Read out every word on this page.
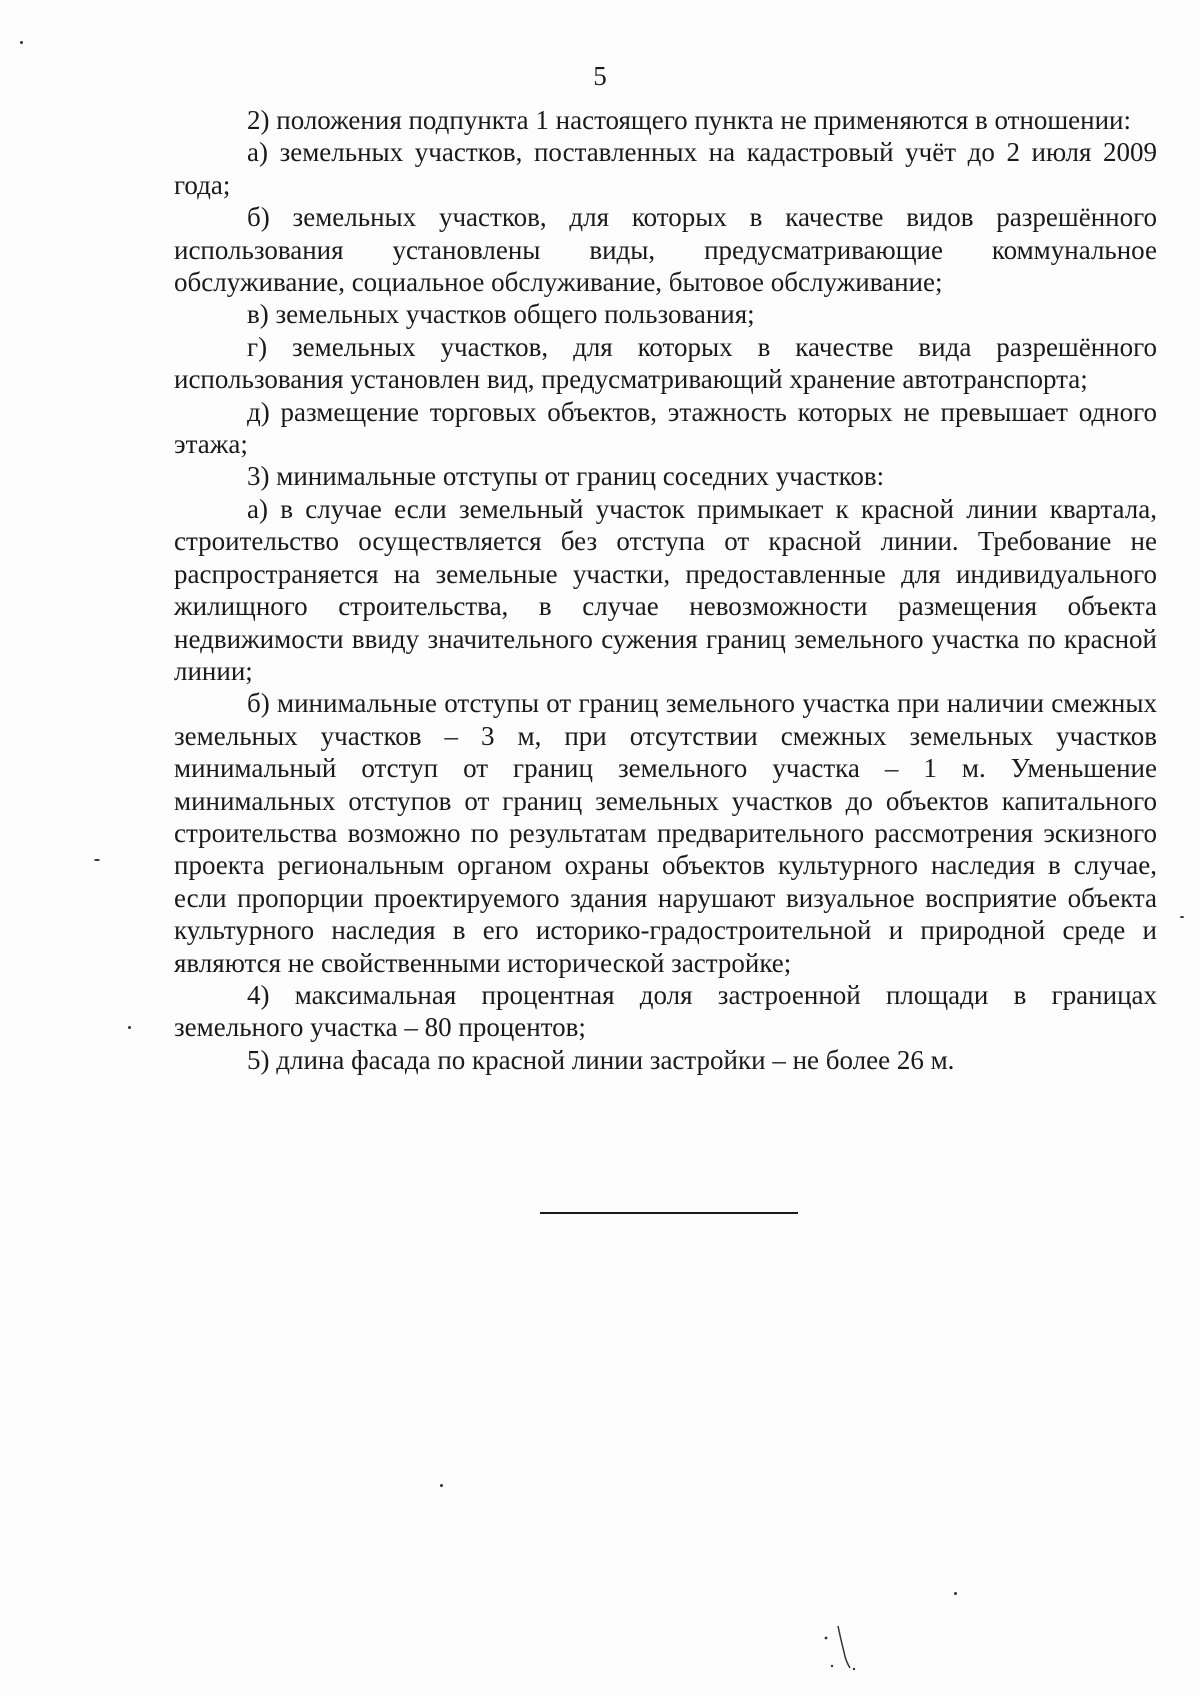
5

2) положения подпункта 1 настоящего пункта не применяются в отношении:

а) земельных участков, поставленных на кадастровый учёт до 2 июля 2009 года;

б) земельных участков, для которых в качестве видов разрешённого использования установлены виды, предусматривающие коммунальное обслуживание, социальное обслуживание, бытовое обслуживание;

в) земельных участков общего пользования;

г) земельных участков, для которых в качестве вида разрешённого использования установлен вид, предусматривающий хранение автотранспорта;

д) размещение торговых объектов, этажность которых не превышает одного этажа;

3) минимальные отступы от границ соседних участков:

а) в случае если земельный участок примыкает к красной линии квартала, строительство осуществляется без отступа от красной линии. Требование не распространяется на земельные участки, предоставленные для индивидуального жилищного строительства, в случае невозможности размещения объекта недвижимости ввиду значительного сужения границ земельного участка по красной линии;

б) минимальные отступы от границ земельного участка при наличии смежных земельных участков – 3 м, при отсутствии смежных земельных участков минимальный отступ от границ земельного участка – 1 м. Уменьшение минимальных отступов от границ земельных участков до объектов капитального строительства возможно по результатам предварительного рассмотрения эскизного проекта региональным органом охраны объектов культурного наследия в случае, если пропорции проектируемого здания нарушают визуальное восприятие объекта культурного наследия в его историко-градостроительной и природной среде и являются не свойственными исторической застройке;

4) максимальная процентная доля застроенной площади в границах земельного участка – 80 процентов;

5) длина фасада по красной линии застройки – не более 26 м.
